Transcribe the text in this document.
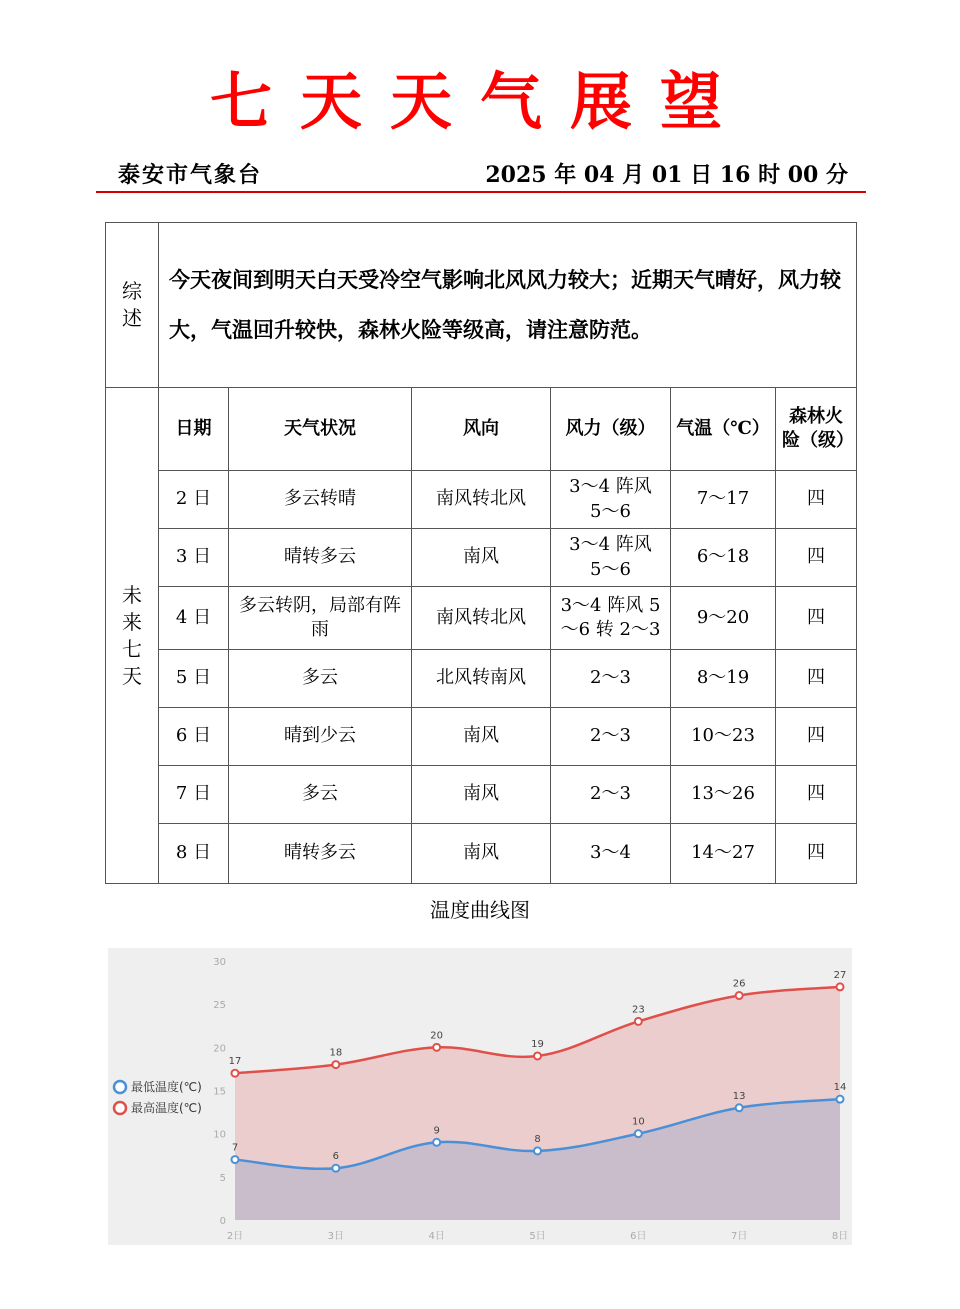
七天天气展望
泰安市气象台	2025 年 04 月 01 日 16 时 00 分
综
述	今天夜间到明天白天受冷空气影响北风风力较大；近期天气晴好，风力较大，气温回升较快，森林火险等级高，请注意防范。					

未
来
七
天	日期	天气状况	风向	风力（级）	气温（℃）	森林火险（级）
	2 日	多云转晴	南风转北风	3～4 阵风 5～6	7～17	四
	3 日	晴转多云	南风	3～4 阵风 5～6	6～18	四
	4 日	多云转阴，局部有阵雨	南风转北风	3～4 阵风 5～6 转 2～3	9～20	四
	5 日	多云	北风转南风	2～3	8～19	四
	6 日	晴到少云	南风	2～3	10～23	四
	7 日	多云	南风	2～3	13～26	四
	8 日	晴转多云	南风	3～4	14～27	四
温度曲线图
0
5
10
15
20
25
30
17
18
20
19
23
26
27
7
6
9
8
10
13
14
2日	3日	4日	5日	6日	7日	8日
最低温度(℃)
最高温度(℃)
